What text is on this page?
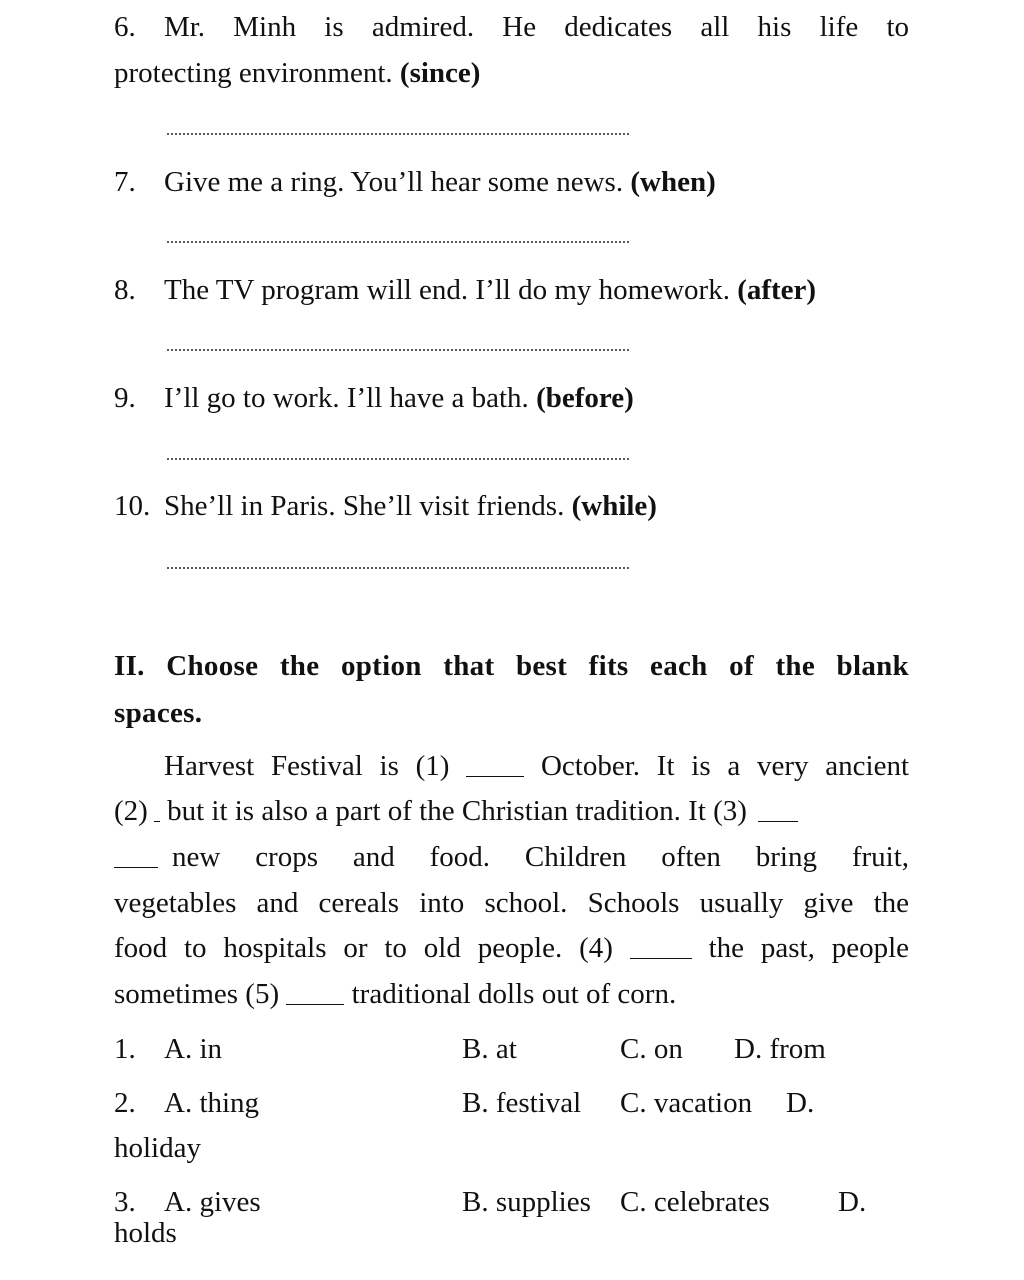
6. Mr. Minh is admired. He dedicates all his life to
protecting environment. (since)
7. Give me a ring. You’ll hear some news. (when)
8. The TV program will end. I’ll do my homework. (after)
9. I’ll go to work. I’ll have a bath. (before)
10. She’ll in Paris. She’ll visit friends. (while)
II. Choose the option that best fits each of the blank
spaces.
Harvest Festival is (1)	October. It is a very ancient
(2) but it is also a part of the Christian tradition. It (3)
new crops and food. Children often bring fruit,
vegetables and cereals into school. Schools usually give the
food to hospitals or to old people. (4)	the past, people
sometimes (5)	traditional dolls out of corn.
1. A. in	B. at	C. on D. from
2. A. thing	B. festival C. vacation D.
holiday
3. A. gives	B. supplies C. celebrates D.
holds
